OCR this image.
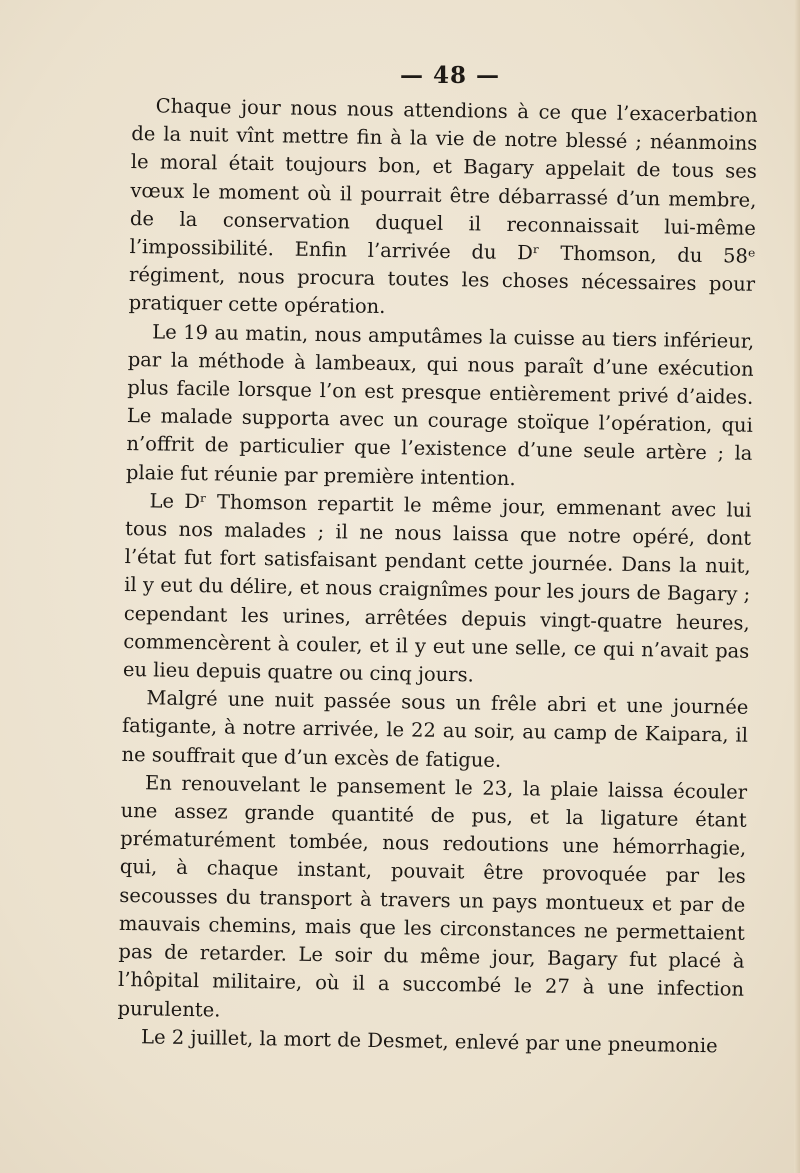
— 48 —

Chaque jour nous nous attendions à ce que l’exacerbation de la nuit vînt mettre fin à la vie de notre blessé ; néanmoins le moral était toujours bon, et Bagary appelait de tous ses vœux le moment où il pourrait être débarrassé d’un membre, de la conservation duquel il reconnaissait lui-même l’impossibilité. Enfin l’arrivée du Dʳ Thomson, du 58ᵉ régiment, nous procura toutes les choses nécessaires pour pratiquer cette opération.

Le 19 au matin, nous amputâmes la cuisse au tiers inférieur, par la méthode à lambeaux, qui nous paraît d’une exécution plus facile lorsque l’on est presque entièrement privé d’aides. Le malade supporta avec un courage stoïque l’opération, qui n’offrit de particulier que l’existence d’une seule artère ; la plaie fut réunie par première intention.

Le Dʳ Thomson repartit le même jour, emmenant avec lui tous nos malades ; il ne nous laissa que notre opéré, dont l’état fut fort satisfaisant pendant cette journée. Dans la nuit, il y eut du délire, et nous craignîmes pour les jours de Bagary ; cependant les urines, arrêtées depuis vingt-quatre heures, commencèrent à couler, et il y eut une selle, ce qui n’avait pas eu lieu depuis quatre ou cinq jours.

Malgré une nuit passée sous un frêle abri et une journée fatigante, à notre arrivée, le 22 au soir, au camp de Kaipara, il ne souffrait que d’un excès de fatigue.

En renouvelant le pansement le 23, la plaie laissa écouler une assez grande quantité de pus, et la ligature étant prématurément tombée, nous redoutions une hémorrhagie, qui, à chaque instant, pouvait être provoquée par les secousses du transport à travers un pays montueux et par de mauvais chemins, mais que les circonstances ne permettaient pas de retarder. Le soir du même jour, Bagary fut placé à l’hôpital militaire, où il a succombé le 27 à une infection purulente.

Le 2 juillet, la mort de Desmet, enlevé par une pneumonie
